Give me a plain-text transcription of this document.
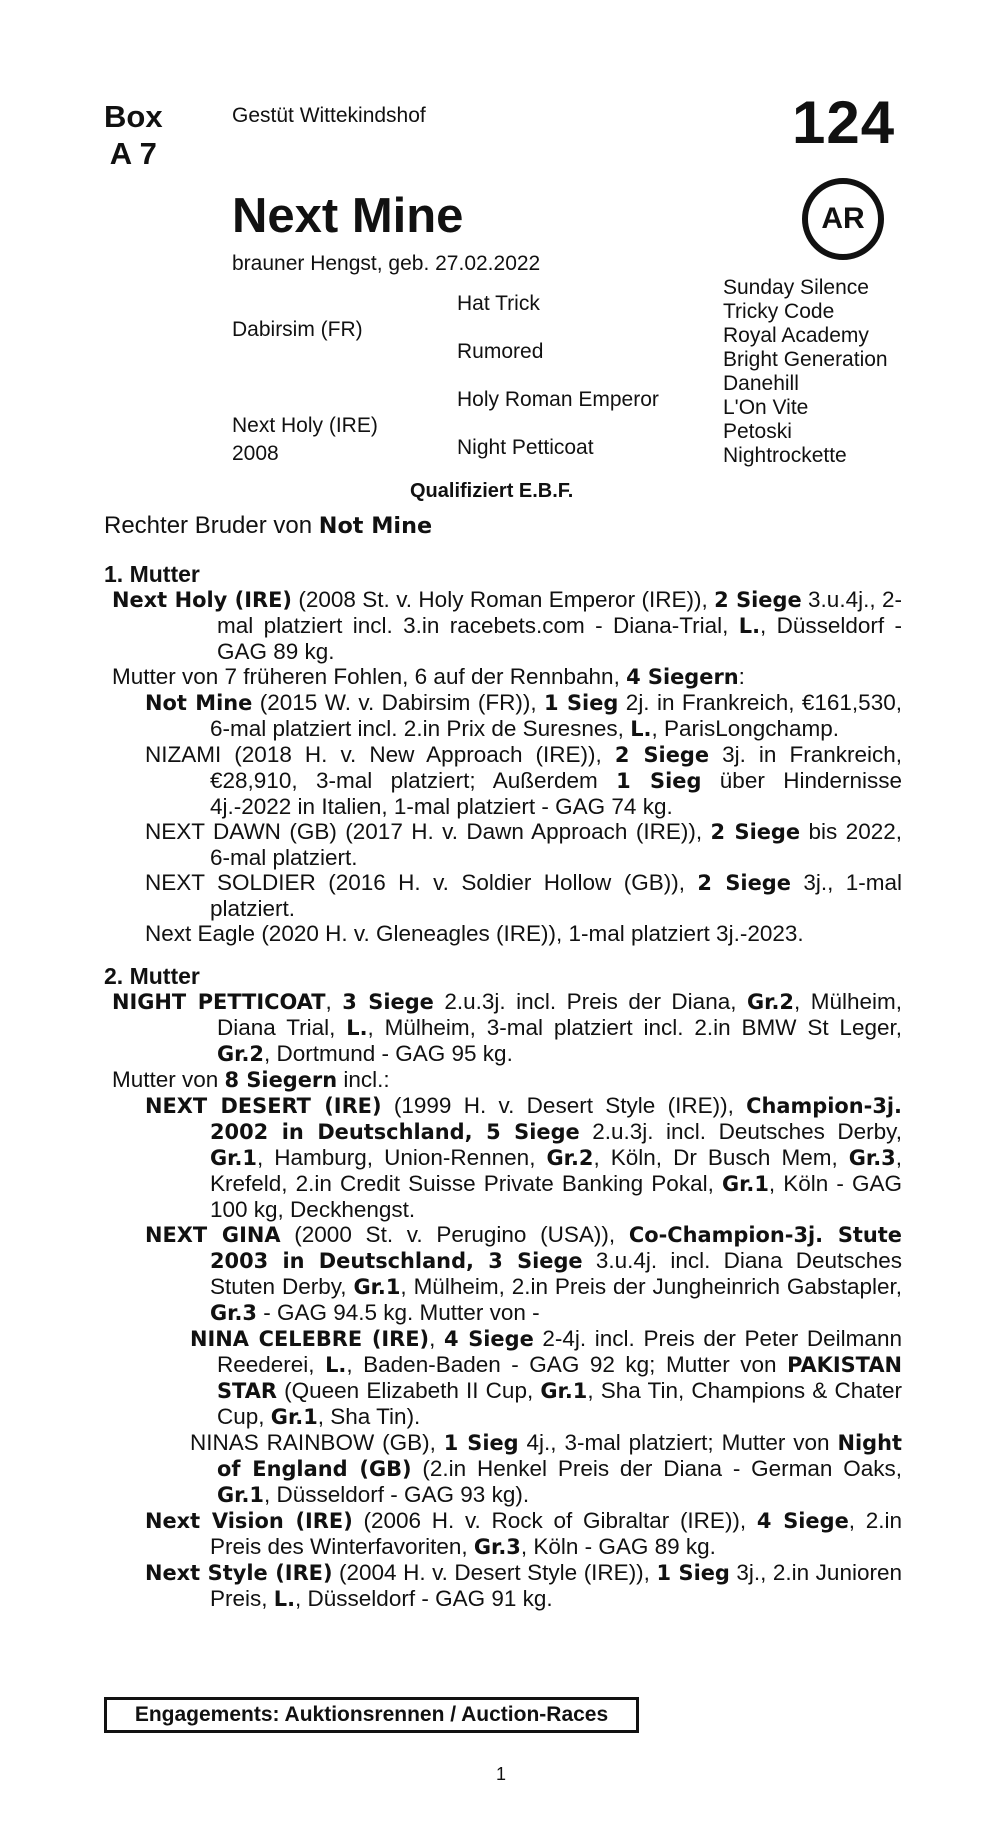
Box
A 7
Gestüt Wittekindshof	124
AR
Next Mine
brauner Hengst, geb. 27.02.2022
Dabirsim (FR)
Next Holy (IRE)
2008
Hat Trick
Rumored
Holy Roman Emperor
Night Petticoat
Sunday Silence
Tricky Code
Royal Academy
Bright Generation
Danehill
L'On Vite
Petoski
Nightrockette
Qualifiziert E.B.F.
Rechter Bruder von Not Mine
1. Mutter
Next Holy (IRE) (2008 St. v. Holy Roman Emperor (IRE)), 2 Siege 3.u.4j., 2-mal platziert incl. 3.in racebets.com - Diana-Trial, L., Düsseldorf - GAG 89 kg.
Mutter von 7 früheren Fohlen, 6 auf der Rennbahn, 4 Siegern:
Not Mine (2015 W. v. Dabirsim (FR)), 1 Sieg 2j. in Frankreich, €161,530, 6-mal platziert incl. 2.in Prix de Suresnes, L., ParisLongchamp.
NIZAMI (2018 H. v. New Approach (IRE)), 2 Siege 3j. in Frankreich, €28,910, 3-mal platziert; Außerdem 1 Sieg über Hindernisse 4j.-2022 in Italien, 1-mal platziert - GAG 74 kg.
NEXT DAWN (GB) (2017 H. v. Dawn Approach (IRE)), 2 Siege bis 2022, 6-mal platziert.
NEXT SOLDIER (2016 H. v. Soldier Hollow (GB)), 2 Siege 3j., 1-mal platziert.
Next Eagle (2020 H. v. Gleneagles (IRE)), 1-mal platziert 3j.-2023.
2. Mutter
NIGHT PETTICOAT, 3 Siege 2.u.3j. incl. Preis der Diana, Gr.2, Mülheim, Diana Trial, L., Mülheim, 3-mal platziert incl. 2.in BMW St Leger, Gr.2, Dortmund - GAG 95 kg.
Mutter von 8 Siegern incl.:
NEXT DESERT (IRE) (1999 H. v. Desert Style (IRE)), Champion-3j. 2002 in Deutschland, 5 Siege 2.u.3j. incl. Deutsches Derby, Gr.1, Hamburg, Union-Rennen, Gr.2, Köln, Dr Busch Mem, Gr.3, Krefeld, 2.in Credit Suisse Private Banking Pokal, Gr.1, Köln - GAG 100 kg, Deckhengst.
NEXT GINA (2000 St. v. Perugino (USA)), Co-Champion-3j. Stute 2003 in Deutschland, 3 Siege 3.u.4j. incl. Diana Deutsches Stuten Derby, Gr.1, Mülheim, 2.in Preis der Jungheinrich Gabstapler, Gr.3 - GAG 94.5 kg. Mutter von -
NINA CELEBRE (IRE), 4 Siege 2-4j. incl. Preis der Peter Deilmann Reederei, L., Baden-Baden - GAG 92 kg; Mutter von PAKISTAN STAR (Queen Elizabeth II Cup, Gr.1, Sha Tin, Champions & Chater Cup, Gr.1, Sha Tin).
NINAS RAINBOW (GB), 1 Sieg 4j., 3-mal platziert; Mutter von Night of England (GB) (2.in Henkel Preis der Diana - German Oaks, Gr.1, Düsseldorf - GAG 93 kg).
Next Vision (IRE) (2006 H. v. Rock of Gibraltar (IRE)), 4 Siege, 2.in Preis des Winterfavoriten, Gr.3, Köln - GAG 89 kg.
Next Style (IRE) (2004 H. v. Desert Style (IRE)), 1 Sieg 3j., 2.in Junioren Preis, L., Düsseldorf - GAG 91 kg.
Engagements: Auktionsrennen / Auction-Races
1
